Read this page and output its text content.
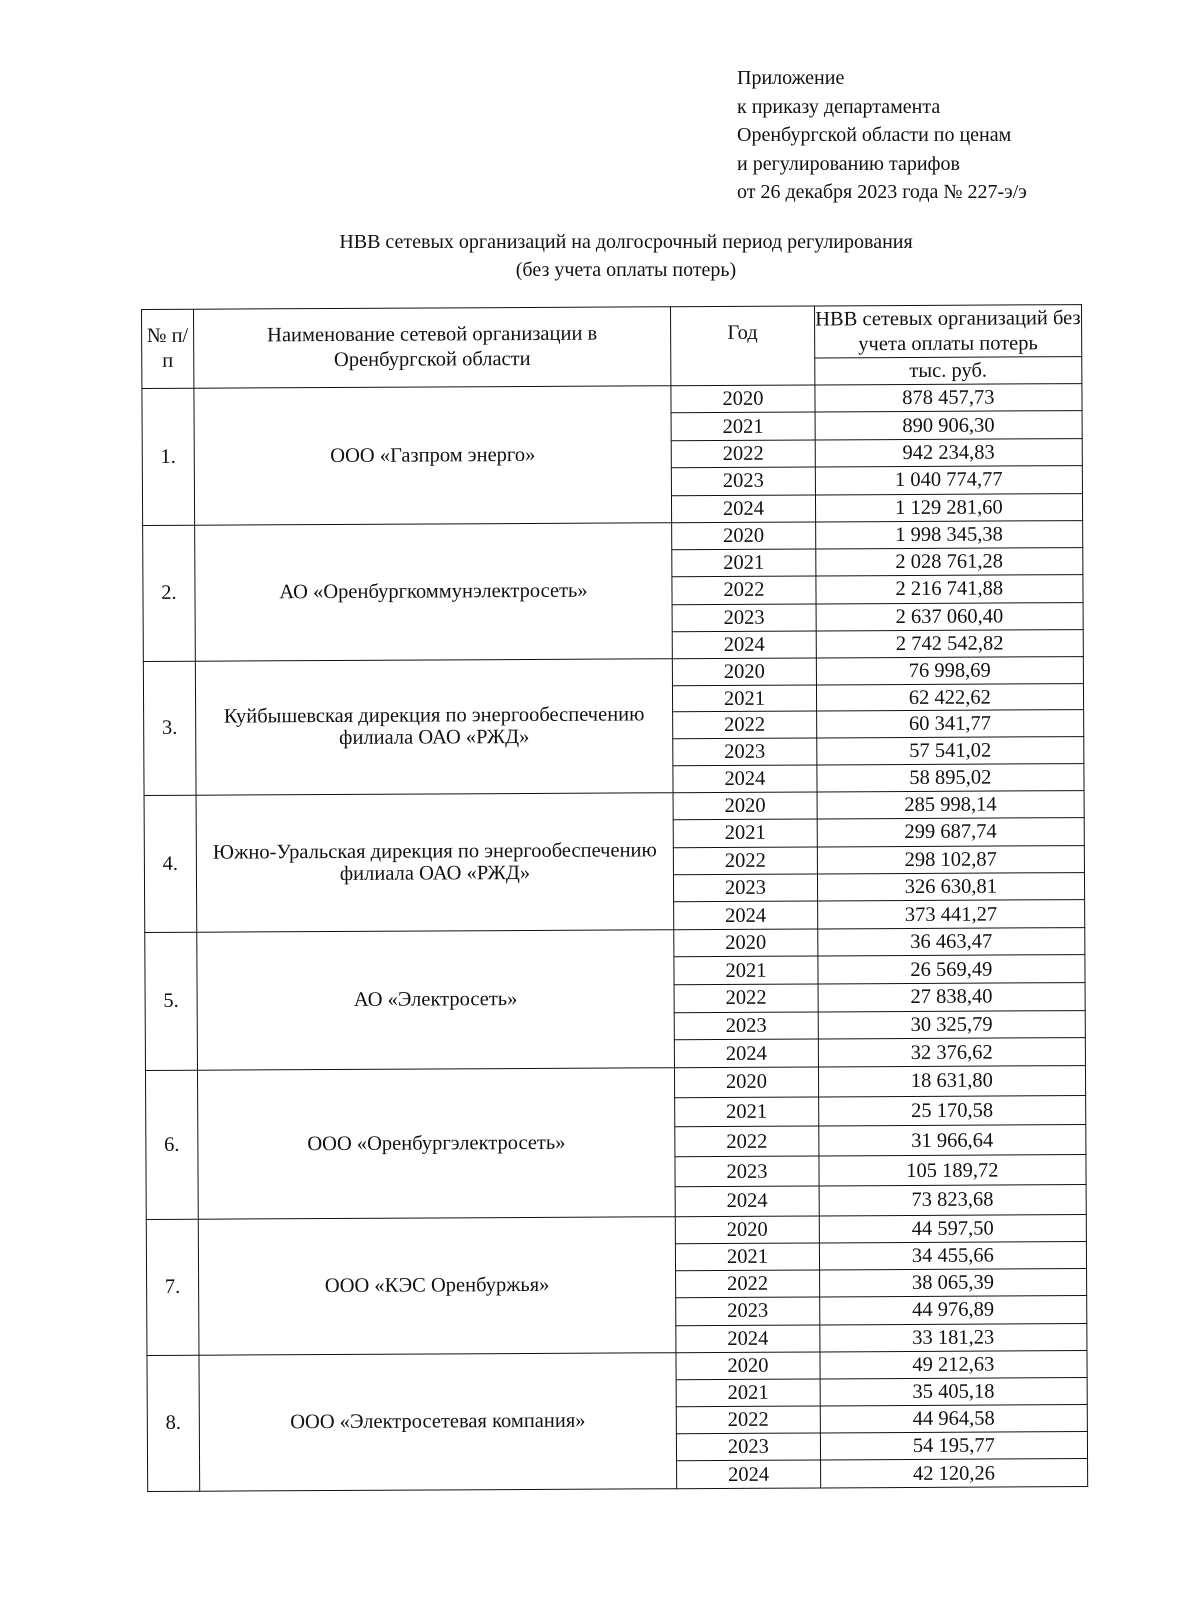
Приложение
к приказу департамента
Оренбургской области по ценам
и регулированию тарифов
от 26 декабря 2023 года № 227-э/э
НВВ сетевых организаций на долгосрочный период регулирования
(без учета оплаты потерь)
№ п/п	Наименование сетевой организации в Оренбургской области	Год	НВВ сетевых организаций без учета оплаты потерь
			тыс. руб.
1.	ООО «Газпром энерго»	2020	878 457,73
		2021	890 906,30
		2022	942 234,83
		2023	1 040 774,77
		2024	1 129 281,60
2.	АО «Оренбургкоммунэлектросеть»	2020	1 998 345,38
		2021	2 028 761,28
		2022	2 216 741,88
		2023	2 637 060,40
		2024	2 742 542,82
3.	Куйбышевская дирекция по энергообеспечению филиала ОАО «РЖД»	2020	76 998,69
		2021	62 422,62
		2022	60 341,77
		2023	57 541,02
		2024	58 895,02
4.	Южно-Уральская дирекция по энергообеспечению филиала ОАО «РЖД»	2020	285 998,14
		2021	299 687,74
		2022	298 102,87
		2023	326 630,81
		2024	373 441,27
5.	АО «Электросеть»	2020	36 463,47
		2021	26 569,49
		2022	27 838,40
		2023	30 325,79
		2024	32 376,62
6.	ООО «Оренбургэлектросеть»	2020	18 631,80
		2021	25 170,58
		2022	31 966,64
		2023	105 189,72
		2024	73 823,68
7.	ООО «КЭС Оренбуржья»	2020	44 597,50
		2021	34 455,66
		2022	38 065,39
		2023	44 976,89
		2024	33 181,23
8.	ООО «Электросетевая компания»	2020	49 212,63
		2021	35 405,18
		2022	44 964,58
		2023	54 195,77
		2024	42 120,26
